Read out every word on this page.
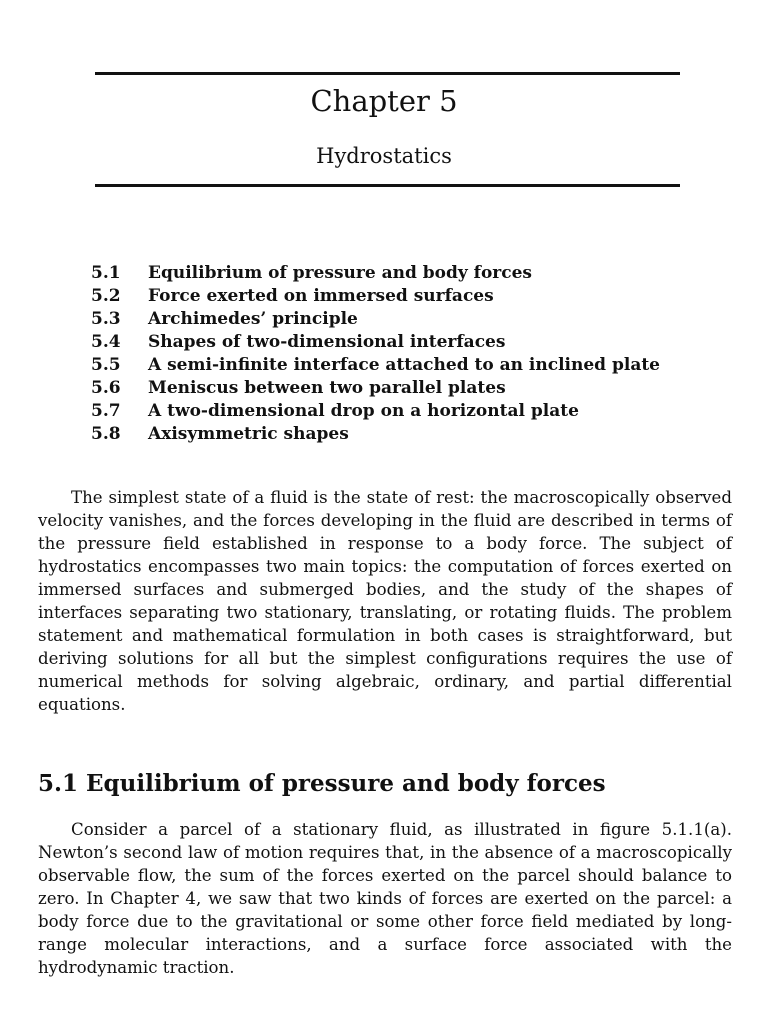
Chapter 5
Hydrostatics
5.1	Equilibrium of pressure and body forces
5.2	Force exerted on immersed surfaces
5.3	Archimedes’ principle
5.4	Shapes of two-dimensional interfaces
5.5	A semi-infinite interface attached to an inclined plate
5.6	Meniscus between two parallel plates
5.7	A two-dimensional drop on a horizontal plate
5.8	Axisymmetric shapes

The simplest state of a fluid is the state of rest: the macroscopically observed velocity vanishes, and the forces developing in the fluid are described in terms of the pressure field established in response to a body force. The subject of hydrostatics encompasses two main topics: the computation of forces exerted on immersed surfaces and submerged bodies, and the study of the shapes of interfaces separating two stationary, translating, or rotating fluids. The problem statement and mathematical formulation in both cases is straightforward, but deriving solutions for all but the simplest configurations requires the use of numerical methods for solving algebraic, ordinary, and partial differential equations.

5.1 Equilibrium of pressure and body forces

Consider a parcel of a stationary fluid, as illustrated in figure 5.1.1(a). Newton’s second law of motion requires that, in the absence of a macroscopically observable flow, the sum of the forces exerted on the parcel should balance to zero. In Chapter 4, we saw that two kinds of forces are exerted on the parcel: a body force due to the gravitational or some other force field mediated by long-range molecular interactions, and a surface force associated with the hydrodynamic traction.
